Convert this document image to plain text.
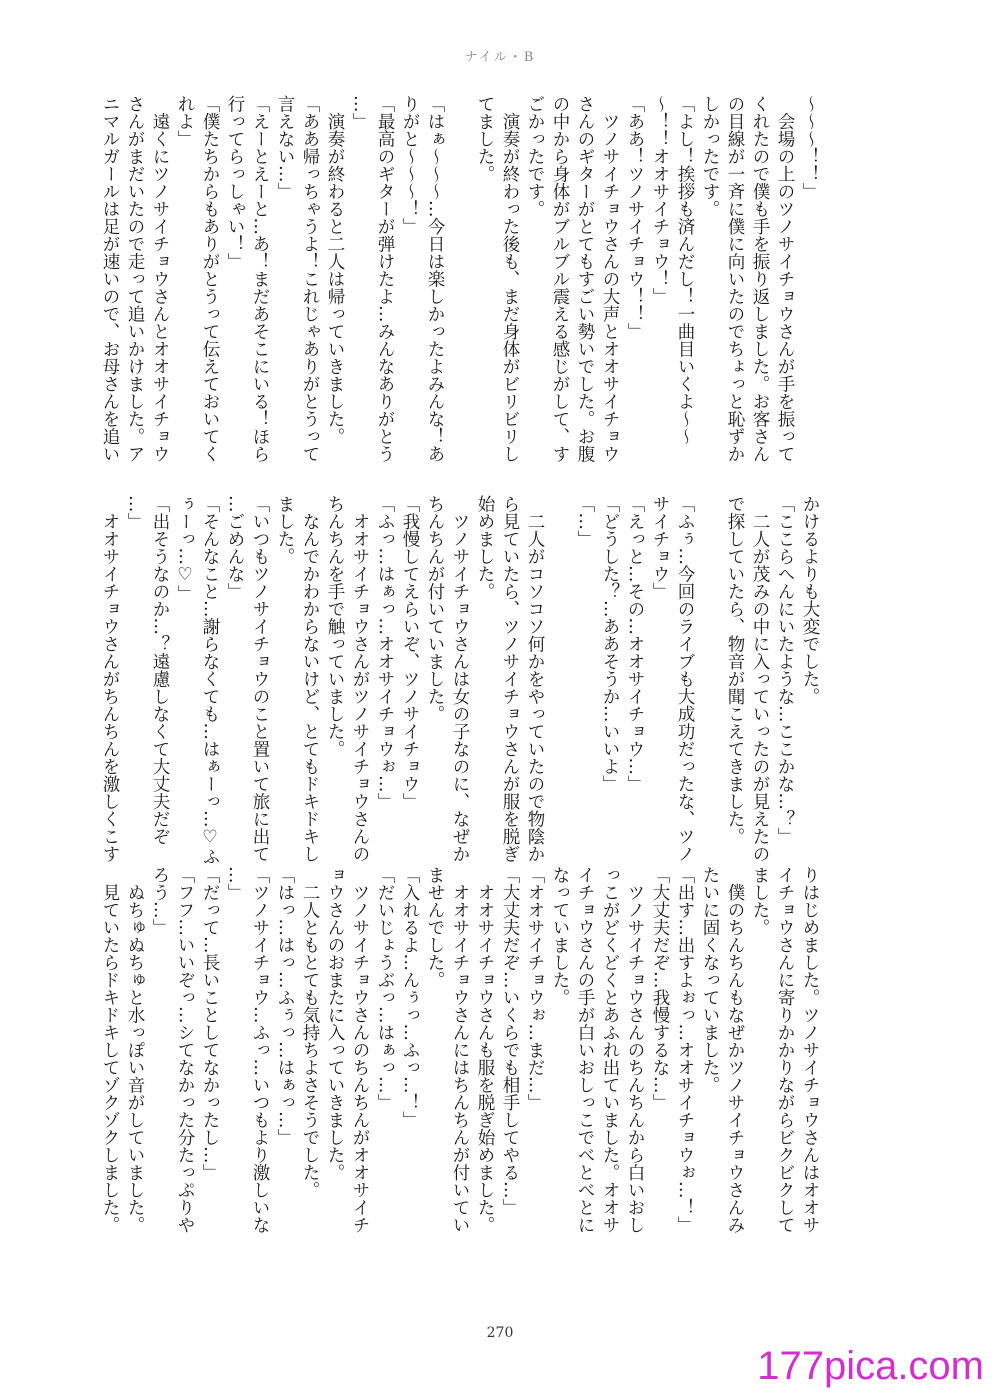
ナイル・B
〜〜〜！！」
　会場の上のツノサイチョウさんが手を振って
くれたので僕も手を振り返しました。お客さん
の目線が一斉に僕に向いたのでちょっと恥ずか
しかったです。
「よし！挨拶も済んだし！一曲目いくよ〜〜
〜！！オオサイチョウ！」
「ああ！ツノサイチョウ！！」
　ツノサイチョウさんの大声とオオサイチョウ
さんのギターがとてもすごい勢いでした。お腹
の中から身体がブルブル震える感じがして、す
ごかったです。
　演奏が終わった後も、まだ身体がビリビリし
てました。

「はぁ〜〜〜…今日は楽しかったよみんな！あ
りがと〜〜〜！」
「最高のギターが弾けたよ…みんなありがとう
…」
　演奏が終わると二人は帰っていきました。
「ああ帰っちゃうよ！これじゃありがとうって
言えない…」
「えーとえーと…あ！まだあそこにいる！ほら
行ってらっしゃい！」
「僕たちからもありがとうって伝えておいてく
れよ」
　遠くにツノサイチョウさんとオオサイチョウ
さんがまだいたので走って追いかけました。ア
ニマルガールは足が速いので、お母さんを追い
かけるよりも大変でした。
「ここらへんにいたような…ここかな…？」
　二人が茂みの中に入っていったのが見えたの
で探していたら、物音が聞こえてきました。

「ふぅ…今回のライブも大成功だったな、ツノ
サイチョウ」
「えっと…その…オオサイチョウ…」
「どうした？…ああそうか…いいよ」
「…」

　二人がコソコソ何かをやっていたので物陰か
ら見ていたら、ツノサイチョウさんが服を脱ぎ
始めました。
　ツノサイチョウさんは女の子なのに、なぜか
ちんちんが付いていました。
「我慢してえらいぞ、ツノサイチョウ」
「ふっ…はぁっ…オオサイチョウぉ…」
　オオサイチョウさんがツノサイチョウさんの
ちんちんを手で触っていました。
　なんでかわからないけど、とてもドキドキし
ました。
「いつもツノサイチョウのこと置いて旅に出て
…ごめんな」
「そんなこと…謝らなくても…はぁーっ…♡ふ
ぅーっ…♡」
「出そうなのか…？遠慮しなくて大丈夫だぞ
…」
　オオサイチョウさんがちんちんを激しくこす
りはじめました。ツノサイチョウさんはオオサ
イチョウさんに寄りかかりながらビクビクして
ました。
　僕のちんちんもなぜかツノサイチョウさんみ
たいに固くなっていました。
「出す…出すよぉっ…オオサイチョウぉ…！」
「大丈夫だぞ…我慢するな…」
　ツノサイチョウさんのちんちんから白いおし
っこがどくどくとあふれ出ていました。オオサ
イチョウさんの手が白いおしっこでべとべとに
なっていました。
「オオサイチョウぉ…まだ…」
「大丈夫だぞ…いくらでも相手してやる…」
　オオサイチョウさんも服を脱ぎ始めました。
　オオサイチョウさんにはちんちんが付いてい
ませんでした。
「入れるよ…んぅっ…ふっ…！」
「だいじょうぶっ…はぁっ…」
　ツノサイチョウさんのちんちんがオオサイチ
ョウさんのおまたに入っていきました。
　二人ともとても気持ちよさそうでした。
「はっ…はっ…ふぅっ…はぁっ…」
「ツノサイチョウ…ふっ…いつもより激しいな
…」
「だって…長いことしてなかったし…」
「フフ…いいぞっ…シてなかった分たっぷりや
ろう…」
　ぬちゅぬちゅと水っぽい音がしていました。
　見ていたらドキドキしてゾクゾクしました。
270
177pica.com
